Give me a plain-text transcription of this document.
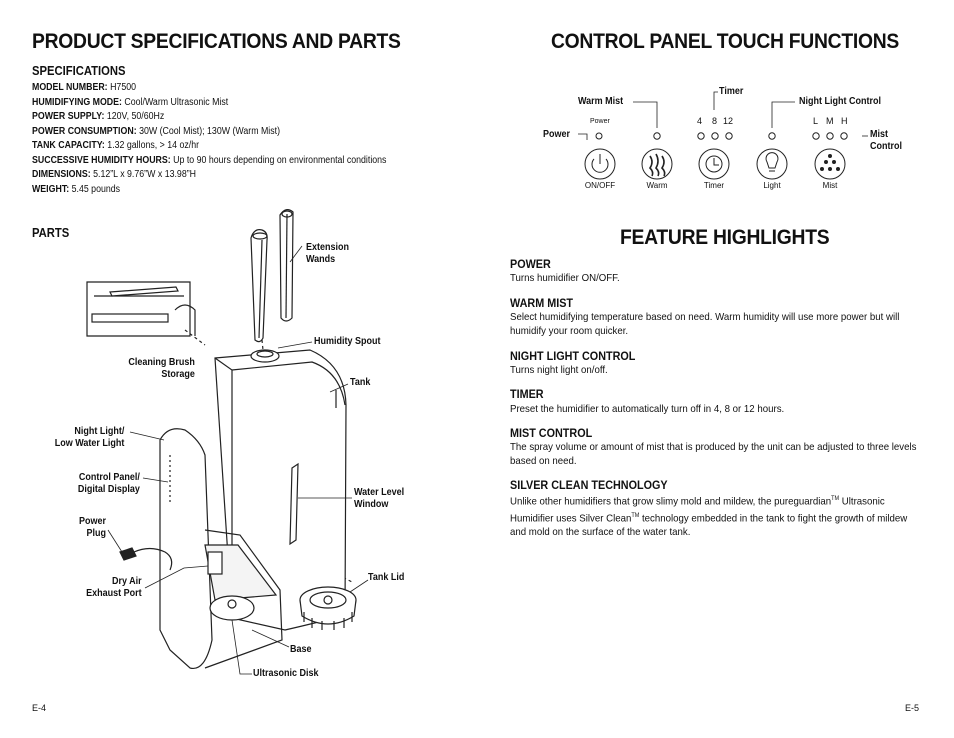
PRODUCT SPECIFICATIONS AND PARTS
SPECIFICATIONS
MODEL NUMBER: H7500
HUMIDIFYING MODE: Cool/Warm Ultrasonic Mist
POWER SUPPLY: 120V, 50/60Hz
POWER CONSUMPTION: 30W (Cool Mist); 130W (Warm Mist)
TANK CAPACITY: 1.32 gallons, > 14 oz/hr
SUCCESSIVE HUMIDITY HOURS: Up to 90 hours depending on environmental conditions
DIMENSIONS: 5.12”L x 9.76”W x 13.98”H
WEIGHT: 5.45 pounds
PARTS
Extension
Wands
Humidity Spout
Cleaning Brush
Storage
Tank
Night Light/
Low Water Light
Control Panel/
Digital Display	Water Level
Window
Power
Plug
Dry Air
Exhaust Port
Tank Lid
Base
Ultrasonic Disk
E-4
CONTROL PANEL TOUCH FUNCTIONS
Warm Mist
Timer
Night Light Control
Power	Mist
Control
Power	4 8 12	L M H
ON/OFF	Warm	Timer	Light	Mist
FEATURE HIGHLIGHTS
POWER
Turns humidifier ON/OFF.
WARM MIST
Select humidifying temperature based on need. Warm humidity will use more power but will humidify your room quicker.
NIGHT LIGHT CONTROL
Turns night light on/off.
TIMER
Preset the humidifier to automatically turn off in 4, 8 or 12 hours.
MIST CONTROL
The spray volume or amount of mist that is produced by the unit can be adjusted to three levels based on need.
SILVER CLEAN TECHNOLOGY
Unlike other humidifiers that grow slimy mold and mildew, the pureguardian™ Ultrasonic Humidifier uses Silver Clean™ technology embedded in the tank to fight the growth of mildew and mold on the surface of the water tank.
E-5
